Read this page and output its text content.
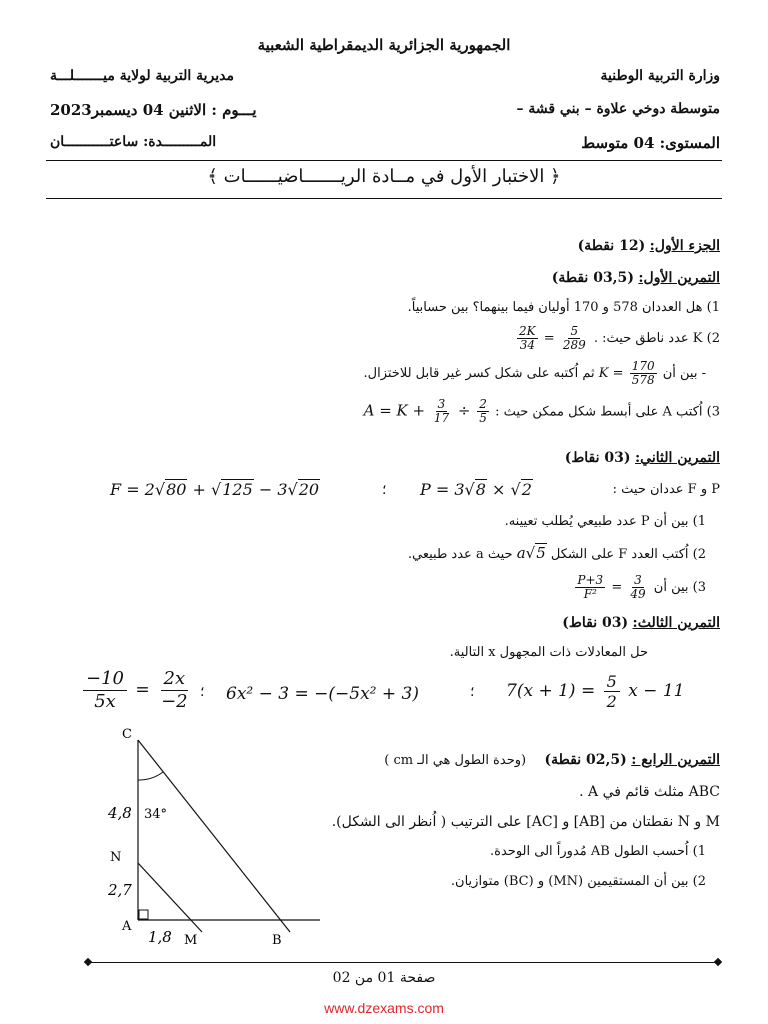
الجمهورية الجزائرية الديمقراطية الشعبية
وزارة التربية الوطنية
مديرية التربية لولاية ميـــــــلـــة
متوسطة دوخي علاوة – بني قشة –
يـــوم : الاثنين 04 ديسمبر2023
المستوى: 04 متوسط
المـــــــــدة: ساعتـــــــــــان
﴿ الاختبار الأول في مــادة الريـــــــاضيــــــات ﴾
الجزء الأول: (12 نقطة)
التمرين الأول: (03,5 نقطة)
1) هل العددان 578 و 170 أوليان فيما بينهما؟ بين حسابياً.
2) K عدد ناطق حيث:
$\frac{2K}{34} = \frac{5}{289}$ .
- بين أن $K = \frac{170}{578}$
ثم اُكتبه على شكل كسر غير قابل للاختزال.
3) اُكتب A على أبسط شكل ممكن حيث : $A = K + \frac{3}{17} \div \frac{2}{5}$
التمرين الثاني: (03 نقاط)
P و F عددان حيث :
P = 3√8 × √2
؛
F = 2√80 + √125 − 3√20
1) بين أن P عدد طبيعي يُطلب تعيينه.
2) اُكتب العدد F على الشكل a√5 حيث a عدد طبيعي.
3) بين أن
$\frac{P+3}{\text{F²}} = \frac{3}{49}$
التمرين الثالث: (03 نقاط)
حل المعادلات ذات المجهول x التالية.
$7(x + 1) = \frac{5}{2}$ x − 11
؛
6x² − 3 = −(−5x² + 3)
؛
$\frac{-10}{5x} = \frac{2x}{-2}$
التمرين الرابع : (02,5 نقطة) (وحدة الطول هي الـ cm )
ABC مثلث قائم في A .
M و N نقطتان من [AB] و [AC] على الترتيب ( اُنظر الى الشكل).
1) اُحسب الطول AB مُدوراً الى الوحدة.
2) بين أن المستقيمين (MN) و (BC) متوازيان.
C
N
A
M	B
4,8
2,7
1,8
34°
صفحة 01 من 02
www.dzexams.com
